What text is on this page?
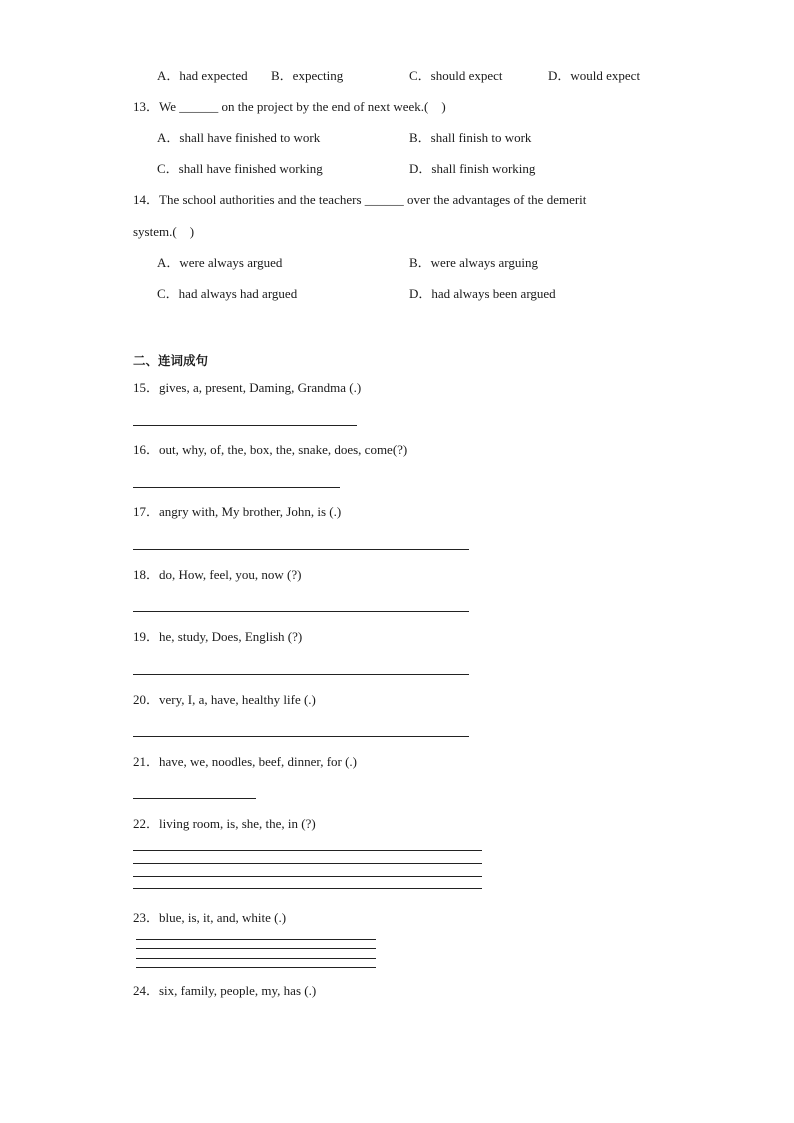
A．had expected B．expecting	C．should expect	D．would expect
13．We ______ on the project by the end of next week.(　)
A．shall have finished to work	B．shall finish to work
C．shall have finished working	D．shall finish working
14．The school authorities and the teachers ______ over the advantages of the demerit
system.(　)
A．were always argued	B．were always arguing
C．had always had argued	D．had always been argued
二、连词成句
15．gives, a, present, Daming, Grandma (.)
16．out, why, of, the, box, the, snake, does, come(?)
17．angry with, My brother, John, is (.)
18．do, How, feel, you, now (?)
19．he, study, Does, English (?)
20．very, I, a, have, healthy life (.)
21．have, we, noodles, beef, dinner, for (.)
22．living room, is, she, the, in (?)
23．blue, is, it, and, white (.)
24．six, family, people, my, has (.)
